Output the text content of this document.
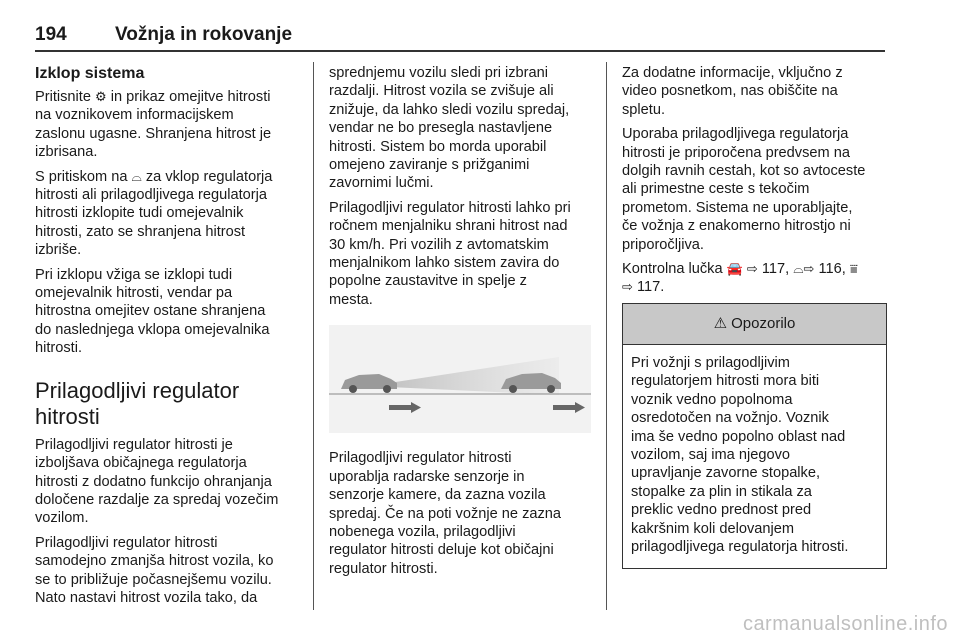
194	Vožnja in rokovanje
Izklop sistema

Pritisnite ⚙ in prikaz omejitve hitrosti
na voznikovem informacijskem
zaslonu ugasne. Shranjena hitrost je
izbrisana.

S pritiskom na ⌓ za vklop regulatorja
hitrosti ali prilagodljivega regulatorja
hitrosti izklopite tudi omejevalnik
hitrosti, zato se shranjena hitrost
izbriše.

Pri izklopu vžiga se izklopi tudi
omejevalnik hitrosti, vendar pa
hitrostna omejitev ostane shranjena
do naslednjega vklopa omejevalnika
hitrosti.

Prilagodljivi regulator
hitrosti

Prilagodljivi regulator hitrosti je
izboljšava običajnega regulatorja
hitrosti z dodatno funkcijo ohranjanja
določene razdalje za spredaj vozečim
vozilom.

Prilagodljivi regulator hitrosti
samodejno zmanjša hitrost vozila, ko
se to približuje počasnejšemu vozilu.
Nato nastavi hitrost vozila tako, da

sprednjemu vozilu sledi pri izbrani
razdalji. Hitrost vozila se zvišuje ali
znižuje, da lahko sledi vozilu spredaj,
vendar ne bo presegla nastavljene
hitrosti. Sistem bo morda uporabil
omejeno zaviranje s prižganimi
zavornimi lučmi.

Prilagodljivi regulator hitrosti lahko pri
ročnem menjalniku shrani hitrost nad
30 km/h. Pri vozilih z avtomatskim
menjalnikom lahko sistem zavira do
popolne zaustavitve in spelje z
mesta.

Prilagodljivi regulator hitrosti
uporablja radarske senzorje in
senzorje kamere, da zazna vozila
spredaj. Če na poti vožnje ne zazna
nobenega vozila, prilagodljivi
regulator hitrosti deluje kot običajni
regulator hitrosti.

Za dodatne informacije, vključno z
video posnetkom, nas obiščite na
spletu.

Uporaba prilagodljivega regulatorja
hitrosti je priporočena predvsem na
dolgih ravnih cestah, kot so avtoceste
ali primestne ceste s tekočim
prometom. Sistema ne uporabljajte,
če vožnja z enakomerno hitrostjo ni
priporočljiva.

Kontrolna lučka 🚘 ⇨ 117, ⌓⇨ 116, ⩸
⇨ 117.

⚠ Opozorilo

Pri vožnji s prilagodljivim
regulatorjem hitrosti mora biti
voznik vedno popolnoma
osredotočen na vožnjo. Voznik
ima še vedno popolno oblast nad
vozilom, saj ima njegovo
upravljanje zavorne stopalke,
stopalke za plin in stikala za
preklic vedno prednost pred
kakršnim koli delovanjem
prilagodljivega regulatorja hitrosti.

carmanualsonline.info
